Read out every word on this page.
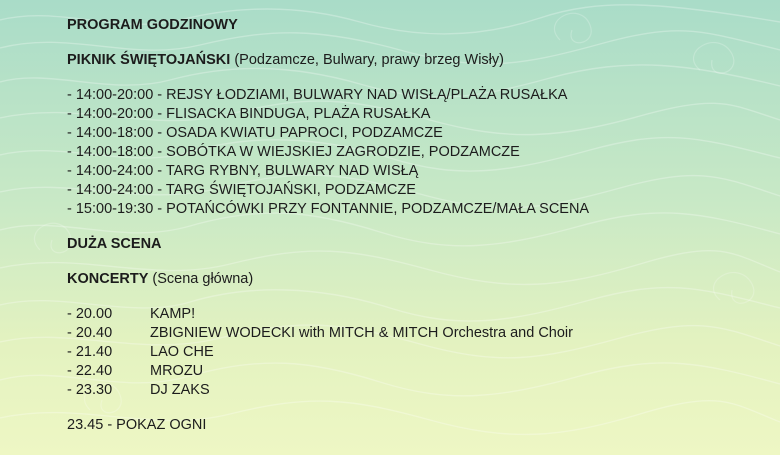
PROGRAM GODZINOWY
PIKNIK ŚWIĘTOJAŃSKI (Podzamcze, Bulwary, prawy brzeg Wisły)
- 14:00-20:00 - REJSY ŁODZIAMI, BULWARY NAD WISŁĄ/PLAŻA RUSAŁKA
- 14:00-20:00 - FLISACKA BINDUGA, PLAŻA RUSAŁKA
- 14:00-18:00 - OSADA KWIATU PAPROCI, PODZAMCZE
- 14:00-18:00 - SOBÓTKA W WIEJSKIEJ ZAGRODZIE, PODZAMCZE
- 14:00-24:00 - TARG RYBNY, BULWARY NAD WISŁĄ
- 14:00-24:00 - TARG ŚWIĘTOJAŃSKI, PODZAMCZE
- 15:00-19:30 - POTAŃCÓWKI PRZY FONTANNIE, PODZAMCZE/MAŁA SCENA
DUŻA SCENA
KONCERTY (Scena główna)
- 20.00	KAMP!
- 20.40	ZBIGNIEW WODECKI with MITCH & MITCH Orchestra and Choir
- 21.40	LAO CHE
- 22.40	MROZU
- 23.30	DJ ZAKS
23.45 - POKAZ OGNI
